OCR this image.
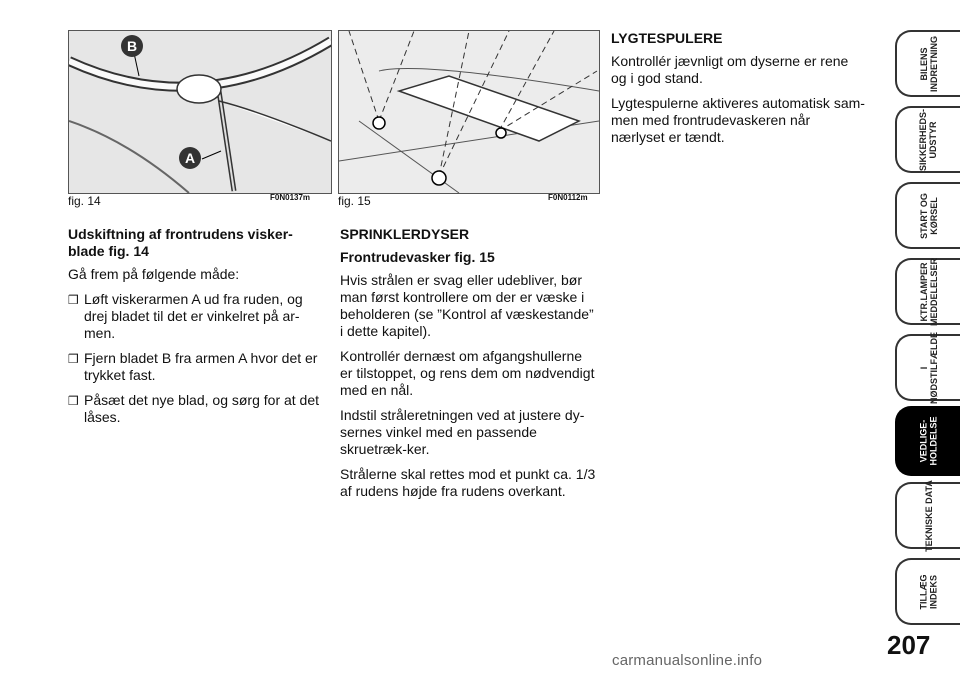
B
A
fig. 14	F0N0137m fig. 15	F0N0112m
Udskiftning af frontrudens visker-blade fig. 14

Gå frem på følgende måde:

❒ Løft viskerarmen A ud fra ruden, og drej bladet til det er vinkelret på ar-men.
❒ Fjern bladet B fra armen A hvor det er trykket fast.
❒ Påsæt det nye blad, og sørg for at det låses.
SPRINKLERDYSER
Frontrudevasker fig. 15

Hvis strålen er svag eller udebliver, bør man først kontrollere om der er væske i beholderen (se ”Kontrol af væskestande” i dette kapitel).

Kontrollér dernæst om afgangshullerne er tilstoppet, og rens dem om nødvendigt med en nål.

Indstil stråleretningen ved at justere dy-sernes vinkel med en passende skruetræk-ker.

Strålerne skal rettes mod et punkt ca. 1/3 af rudens højde fra rudens overkant.

LYGTESPULERE

Kontrollér jævnligt om dyserne er rene og i god stand.

Lygtespulerne aktiveres automatisk sam-men med frontrudevaskeren når nærlyset er tændt.

BILENS
INDRETNING
SIKKERHEDS-
UDSTYR
START OG
KØRSEL
KTR.LAMPER
MEDDELELSER
I
NØDSTILFÆLDE
VEDLIGE-
HOLDELSE
TEKNISKE DATA
TILLÆG
INDEKS
207
carmanualsonline.info
